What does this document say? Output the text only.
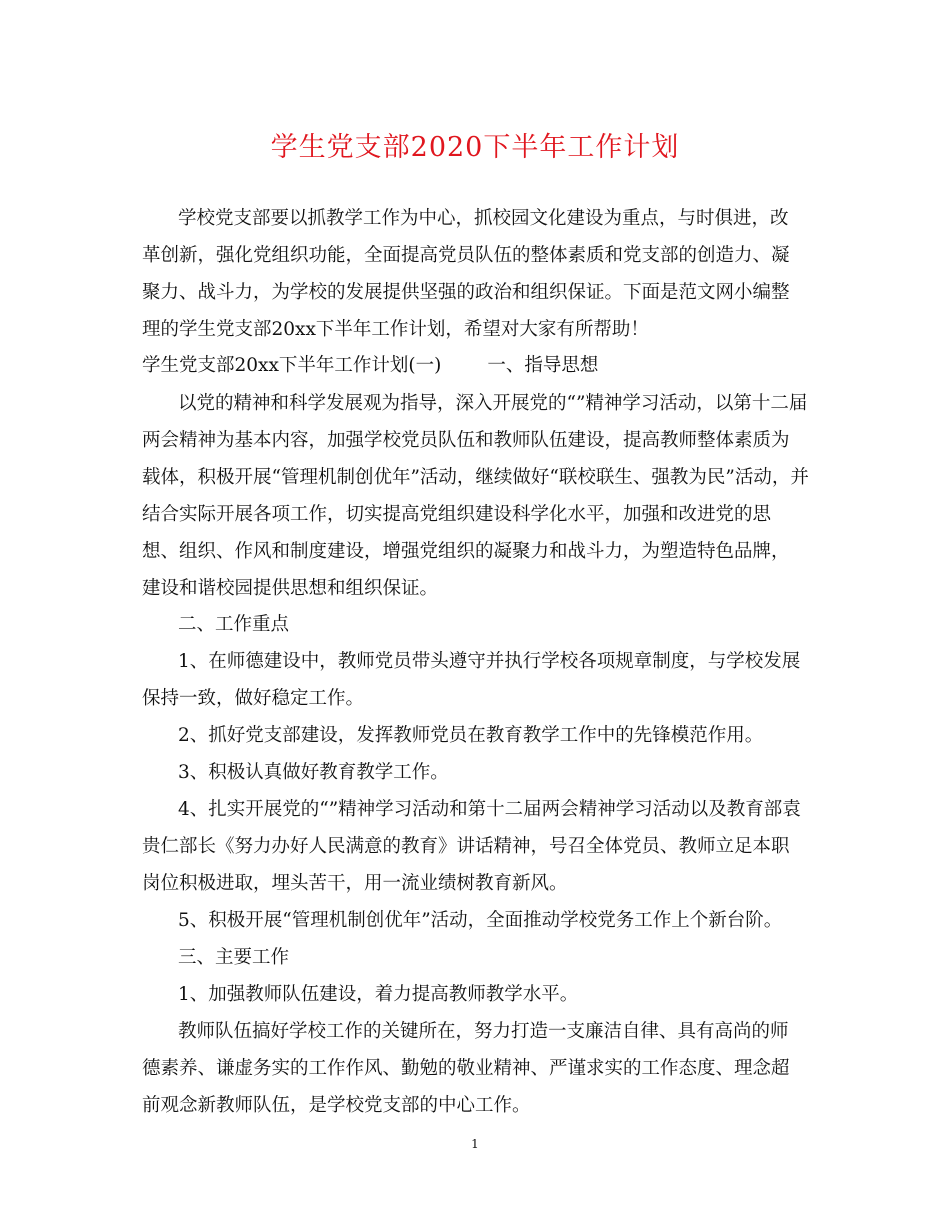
学生党支部2020下半年工作计划
学校党支部要以抓教学工作为中心，抓校园文化建设为重点，与时俱进，改
革创新，强化党组织功能，全面提高党员队伍的整体素质和党支部的创造力、凝
聚力、战斗力，为学校的发展提供坚强的政治和组织保证。下面是范文网小编整
理的学生党支部20xx下半年工作计划，希望对大家有所帮助！
学生党支部20xx下半年工作计划(一) 一、指导思想
以党的精神和科学发展观为指导，深入开展党的“”精神学习活动，以第十二届
两会精神为基本内容，加强学校党员队伍和教师队伍建设，提高教师整体素质为
载体，积极开展“管理机制创优年”活动，继续做好“联校联生、强教为民”活动，并
结合实际开展各项工作，切实提高党组织建设科学化水平，加强和改进党的思
想、组织、作风和制度建设，增强党组织的凝聚力和战斗力，为塑造特色品牌，
建设和谐校园提供思想和组织保证。
二、工作重点
1、在师德建设中，教师党员带头遵守并执行学校各项规章制度，与学校发展
保持一致，做好稳定工作。
2、抓好党支部建设，发挥教师党员在教育教学工作中的先锋模范作用。
3、积极认真做好教育教学工作。
4、扎实开展党的“”精神学习活动和第十二届两会精神学习活动以及教育部袁
贵仁部长《努力办好人民满意的教育》讲话精神，号召全体党员、教师立足本职
岗位积极进取，埋头苦干，用一流业绩树教育新风。
5、积极开展“管理机制创优年”活动，全面推动学校党务工作上个新台阶。
三、主要工作
1、加强教师队伍建设，着力提高教师教学水平。
教师队伍搞好学校工作的关键所在，努力打造一支廉洁自律、具有高尚的师
德素养、谦虚务实的工作作风、勤勉的敬业精神、严谨求实的工作态度、理念超
前观念新教师队伍，是学校党支部的中心工作。
1
